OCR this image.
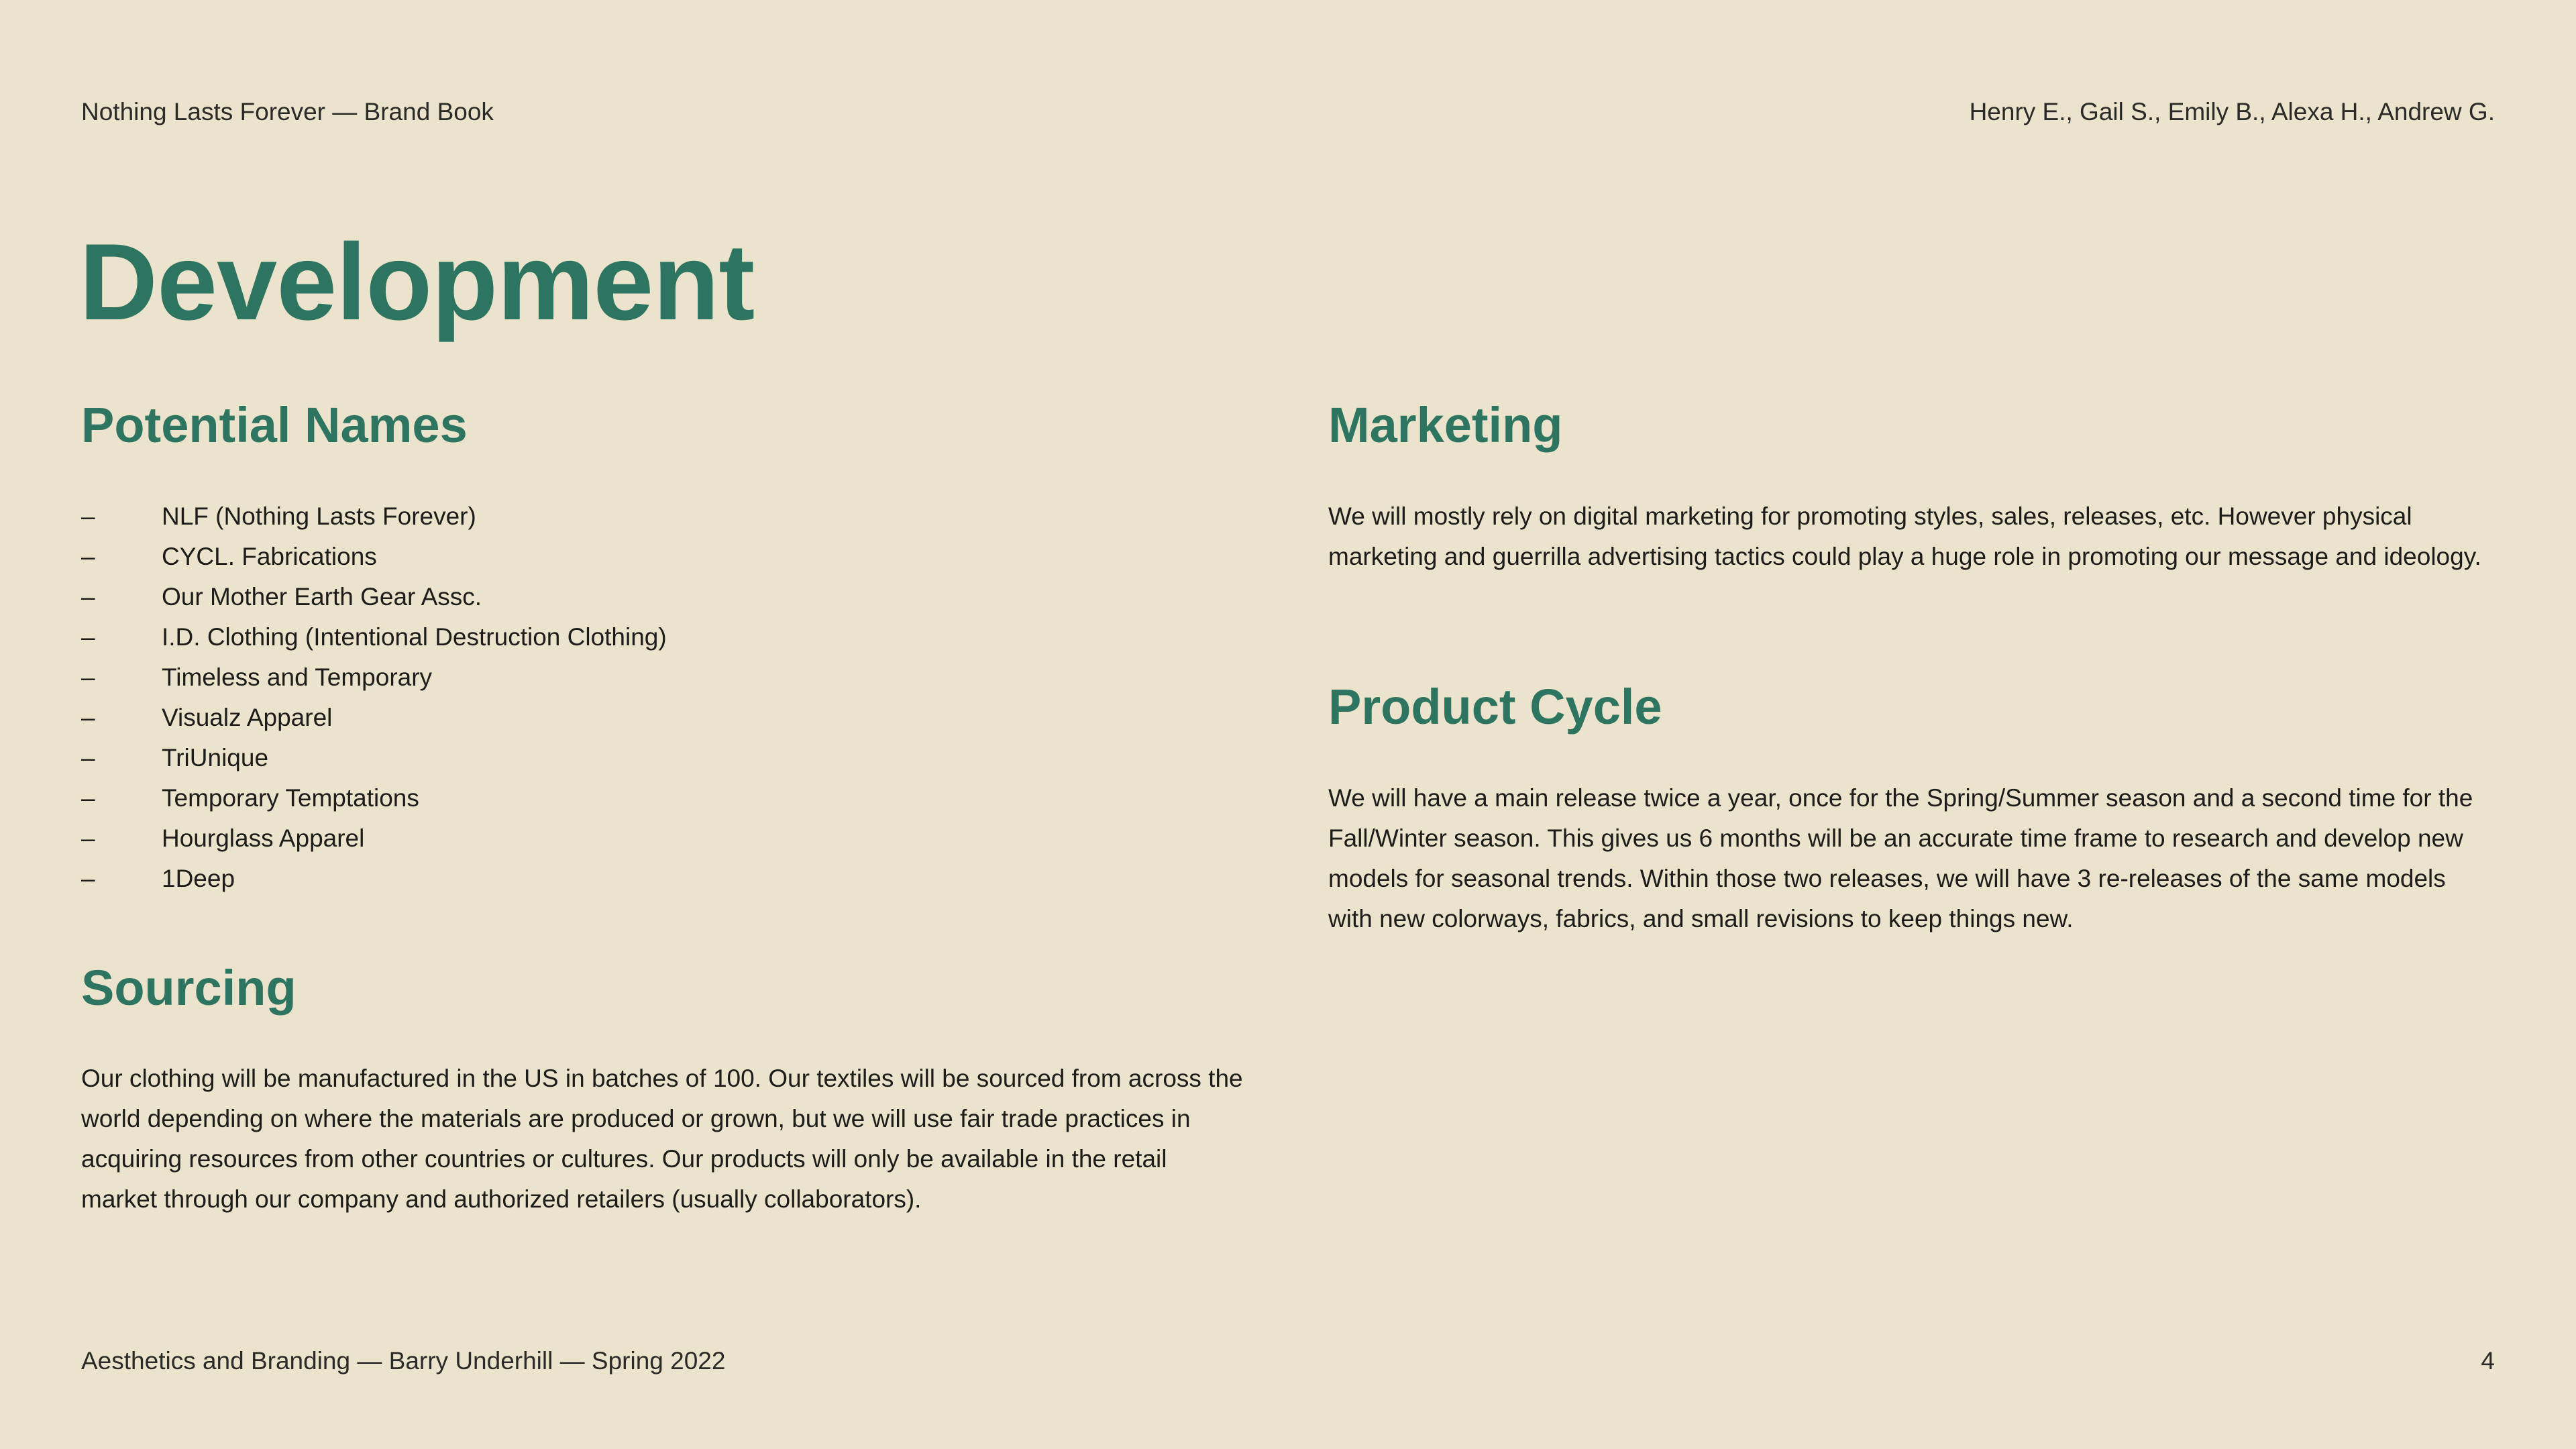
Nothing Lasts Forever — Brand Book	Henry E., Gail S., Emily B., Alexa H., Andrew G.
Development
Potential Names
–	NLF (Nothing Lasts Forever)
–	CYCL. Fabrications
–	Our Mother Earth Gear Assc.
–	I.D. Clothing (Intentional Destruction Clothing)
–	Timeless and Temporary
–	Visualz Apparel
–	TriUnique
–	Temporary Temptations
–	Hourglass Apparel
–	1Deep
Sourcing

Our clothing will be manufactured in the US in batches of 100. Our textiles will be sourced from across the world depending on where the materials are produced or grown, but we will use fair trade practices in acquiring resources from other countries or cultures. Our products will only be available in the retail market through our company and authorized retailers (usually collaborators).

Marketing

We will mostly rely on digital marketing for promoting styles, sales, releases, etc. However physical marketing and guerrilla advertising tactics could play a huge role in promoting our message and ideology.

Product Cycle

We will have a main release twice a year, once for the Spring/Summer season and a second time for the Fall/Winter season. This gives us 6 months will be an accurate time frame to research and develop new models for seasonal trends. Within those two releases, we will have 3 re-releases of the same models with new colorways, fabrics, and small revisions to keep things new.

Aesthetics and Branding — Barry Underhill — Spring 2022	4
